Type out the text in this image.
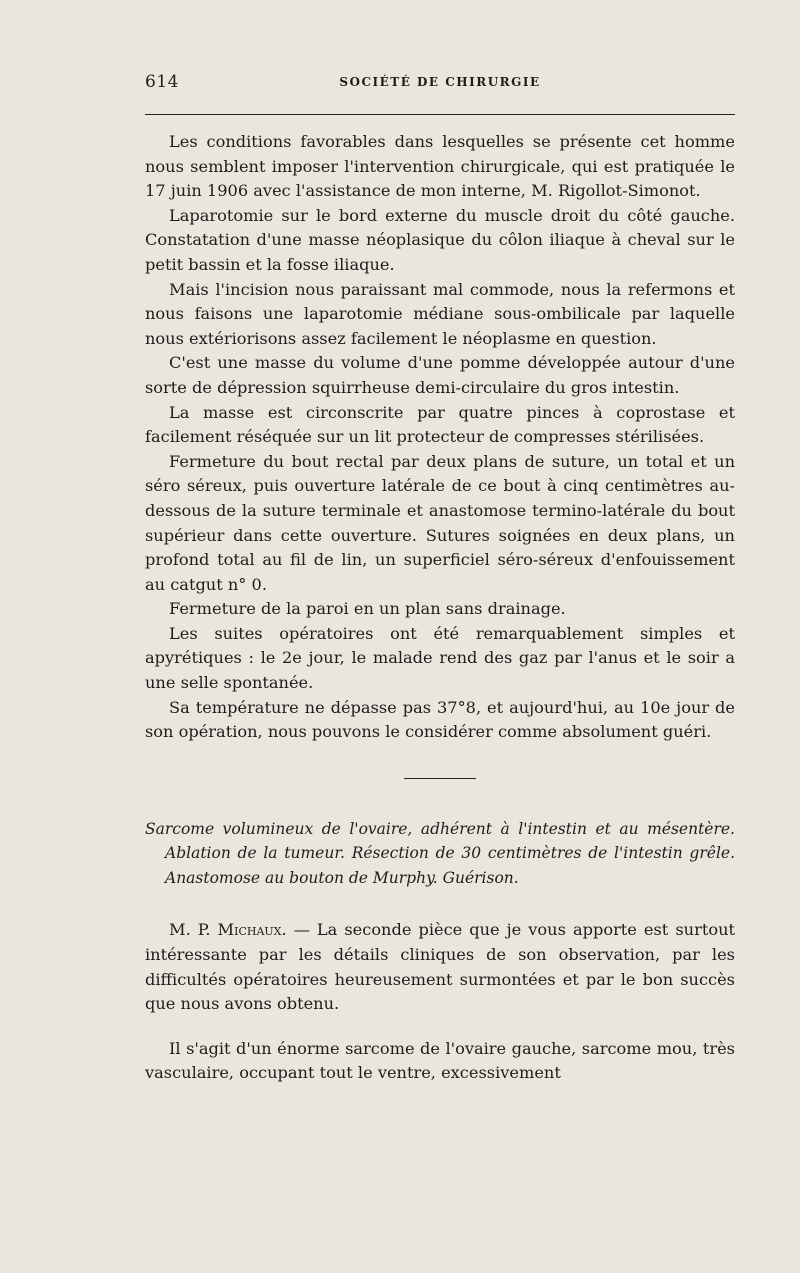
614	SOCIÉTÉ DE CHIRURGIE

Les conditions favorables dans lesquelles se présente cet homme nous semblent imposer l'intervention chirurgicale, qui est pratiquée le 17 juin 1906 avec l'assistance de mon interne, M. Rigollot-Simonot.

Laparotomie sur le bord externe du muscle droit du côté gauche. Constatation d'une masse néoplasique du côlon iliaque à cheval sur le petit bassin et la fosse iliaque.

Mais l'incision nous paraissant mal commode, nous la refermons et nous faisons une laparotomie médiane sous-ombilicale par laquelle nous extériorisons assez facilement le néoplasme en question.

C'est une masse du volume d'une pomme développée autour d'une sorte de dépression squirrheuse demi-circulaire du gros intestin.

La masse est circonscrite par quatre pinces à coprostase et facilement réséquée sur un lit protecteur de compresses stérilisées.

Fermeture du bout rectal par deux plans de suture, un total et un séro séreux, puis ouverture latérale de ce bout à cinq centimètres au-dessous de la suture terminale et anastomose termino-latérale du bout supérieur dans cette ouverture. Sutures soignées en deux plans, un profond total au fil de lin, un superficiel séro-séreux d'enfouissement au catgut n° 0.

Fermeture de la paroi en un plan sans drainage.

Les suites opératoires ont été remarquablement simples et apyrétiques : le 2e jour, le malade rend des gaz par l'anus et le soir a une selle spontanée.

Sa température ne dépasse pas 37°8, et aujourd'hui, au 10e jour de son opération, nous pouvons le considérer comme absolument guéri.

Sarcome volumineux de l'ovaire, adhérent à l'intestin et au mésentère. Ablation de la tumeur. Résection de 30 centimètres de l'intestin grêle. Anastomose au bouton de Murphy. Guérison.

M. P. Michaux. — La seconde pièce que je vous apporte est surtout intéressante par les détails cliniques de son observation, par les difficultés opératoires heureusement surmontées et par le bon succès que nous avons obtenu.

Il s'agit d'un énorme sarcome de l'ovaire gauche, sarcome mou, très vasculaire, occupant tout le ventre, excessivement
